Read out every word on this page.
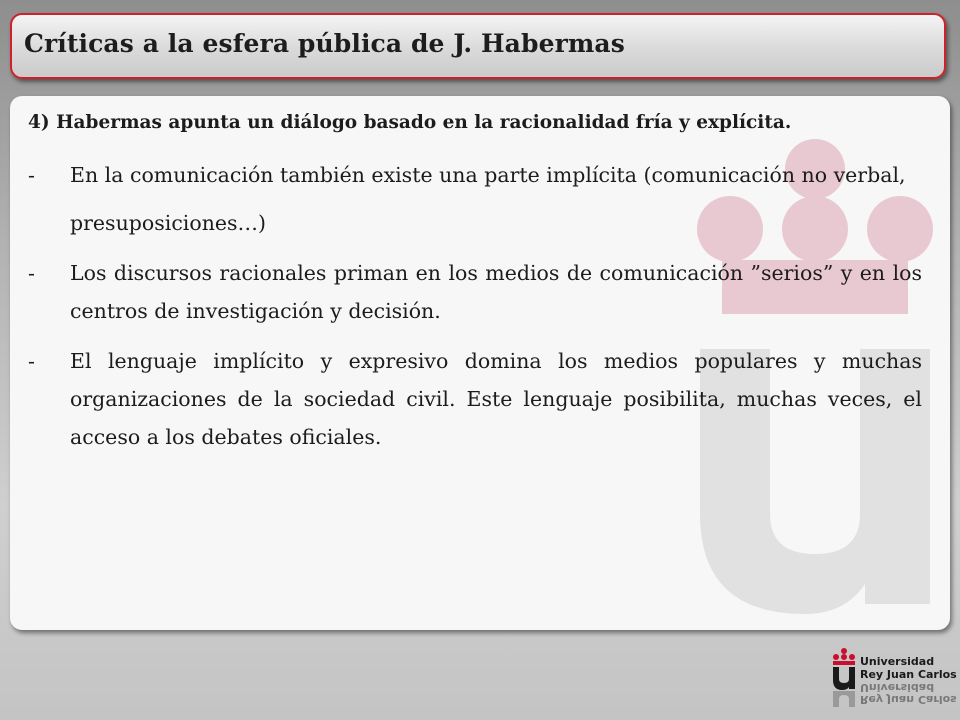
Críticas a la esfera pública de J. Habermas

4) Habermas apunta un diálogo basado en la racionalidad fría y explícita.

- En la comunicación también existe una parte implícita (comunicación no verbal,
presuposiciones…)
- Los discursos racionales priman en los medios de comunicación ”serios” y en los centros de investigación y decisión.
- El lenguaje implícito y expresivo domina los medios populares y muchas organizaciones de la sociedad civil. Este lenguaje posibilita, muchas veces, el acceso a los debates oficiales.
Universidad
Rey Juan Carlos
Rey Juan Carlos
Universidad
